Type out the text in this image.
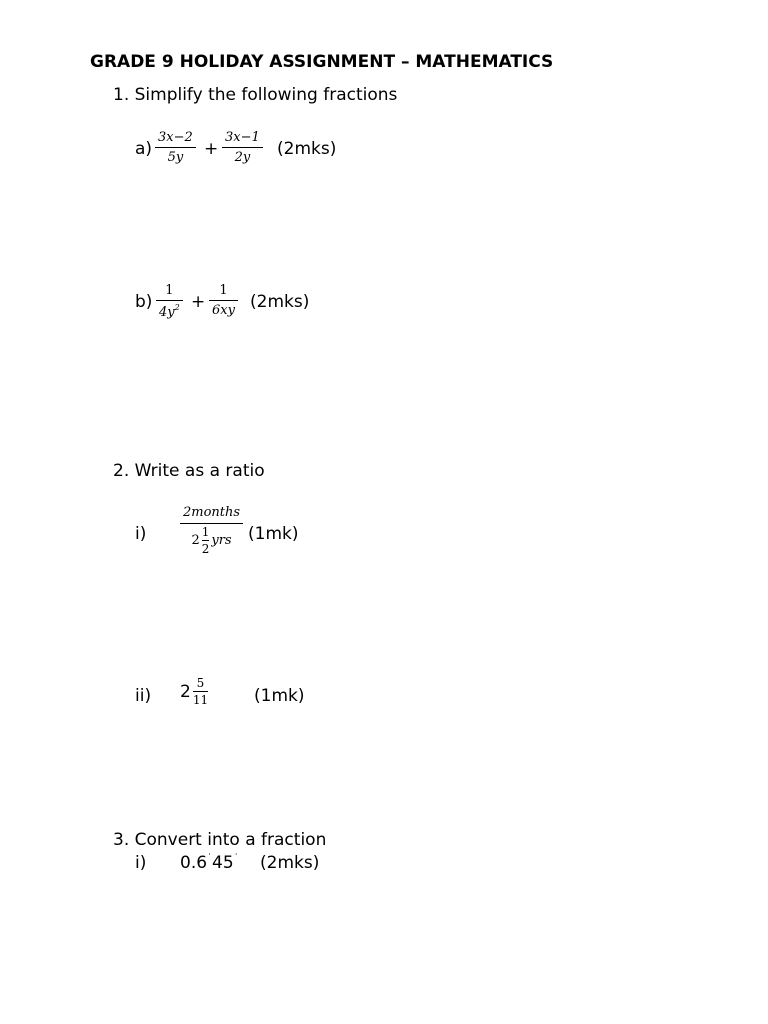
GRADE 9 HOLIDAY ASSIGNMENT – MATHEMATICS
1. Simplify the following fractions
a)
3x−2
5y +
3x−1
2y (2mks)
b)
1
$4y^2$ +
1
6xy (2mks)
2. Write as a ratio
i)
2months
2
1
2
yrs (1mk)
ii) 2 5
11	(1mk)
3. Convert into a fraction
i) 0.6˙45˙ (2mks)
